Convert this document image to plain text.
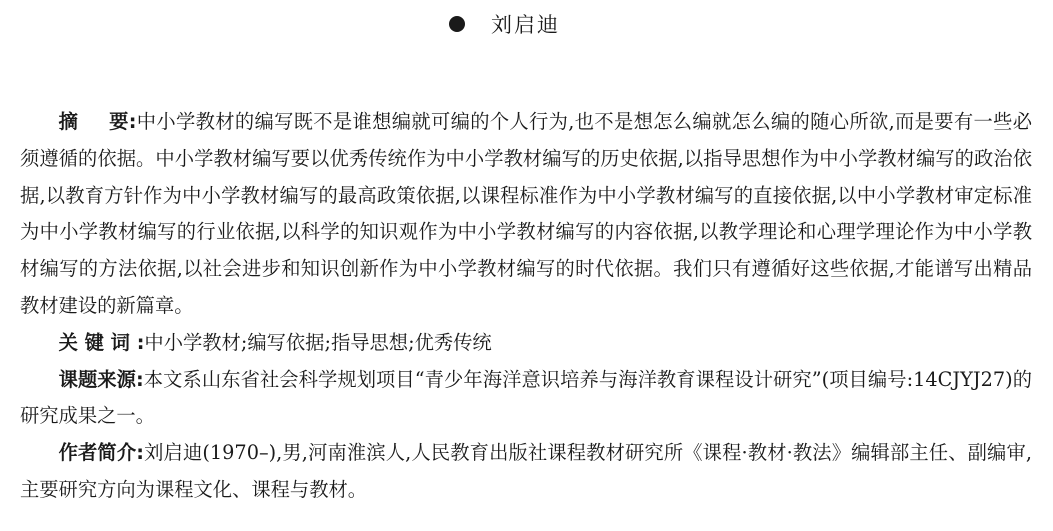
刘启迪

摘要:中小学教材的编写既不是谁想编就可编的个人行为,也不是想怎么编就怎么编的随心所欲,而是要有一些必须遵循的依据。中小学教材编写要以优秀传统作为中小学教材编写的历史依据,以指导思想作为中小学教材编写的政治依据,以教育方针作为中小学教材编写的最高政策依据,以课程标准作为中小学教材编写的直接依据,以中小学教材审定标准为中小学教材编写的行业依据,以科学的知识观作为中小学教材编写的内容依据,以教学理论和心理学理论作为中小学教材编写的方法依据,以社会进步和知识创新作为中小学教材编写的时代依据。我们只有遵循好这些依据,才能谱写出精品教材建设的新篇章。

关键词:中小学教材;编写依据;指导思想;优秀传统

课题来源:本文系山东省社会科学规划项目“青少年海洋意识培养与海洋教育课程设计研究”(项目编号:14CJYJ27)的研究成果之一。

作者简介:刘启迪(1970–),男,河南淮滨人,人民教育出版社课程教材研究所《课程·教材·教法》编辑部主任、副编审,主要研究方向为课程文化、课程与教材。
